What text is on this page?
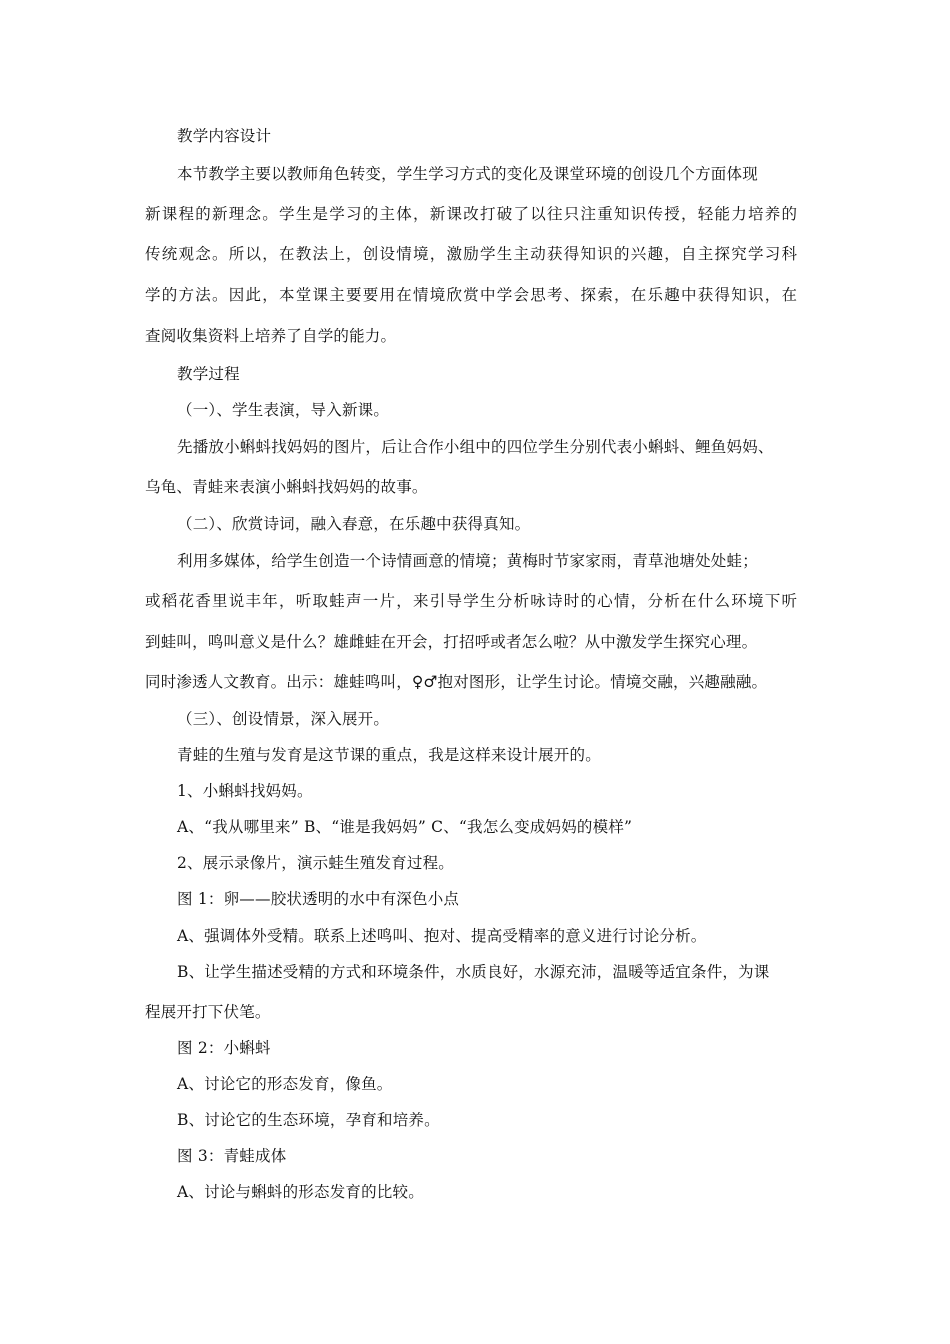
教学内容设计
本节教学主要以教师角色转变，学生学习方式的变化及课堂环境的创设几个方面体现
新课程的新理念。学生是学习的主体，新课改打破了以往只注重知识传授，轻能力培养的
传统观念。所以，在教法上，创设情境，激励学生主动获得知识的兴趣，自主探究学习科
学的方法。因此，本堂课主要要用在情境欣赏中学会思考、探索，在乐趣中获得知识，在
查阅收集资料上培养了自学的能力。
教学过程
（一）、学生表演，导入新课。
先播放小蝌蚪找妈妈的图片，后让合作小组中的四位学生分别代表小蝌蚪、鲤鱼妈妈、
乌龟、青蛙来表演小蝌蚪找妈妈的故事。
（二）、欣赏诗词，融入春意，在乐趣中获得真知。
利用多媒体，给学生创造一个诗情画意的情境；黄梅时节家家雨，青草池塘处处蛙；
或稻花香里说丰年，听取蛙声一片，来引导学生分析咏诗时的心情，分析在什么环境下听
到蛙叫，鸣叫意义是什么？雄雌蛙在开会，打招呼或者怎么啦？从中激发学生探究心理。
同时渗透人文教育。出示：雄蛙鸣叫，♀♂抱对图形，让学生讨论。情境交融，兴趣融融。
（三）、创设情景，深入展开。
青蛙的生殖与发育是这节课的重点，我是这样来设计展开的。
1、小蝌蚪找妈妈。
A、“我从哪里来” B、“谁是我妈妈” C、“我怎么变成妈妈的模样”
2、展示录像片，演示蛙生殖发育过程。
图 1：卵——胶状透明的水中有深色小点
A、强调体外受精。联系上述鸣叫、抱对、提高受精率的意义进行讨论分析。
B、让学生描述受精的方式和环境条件，水质良好，水源充沛，温暖等适宜条件，为课
程展开打下伏笔。
图 2：小蝌蚪
A、讨论它的形态发育，像鱼。
B、讨论它的生态环境，孕育和培养。
图 3：青蛙成体
A、讨论与蝌蚪的形态发育的比较。
